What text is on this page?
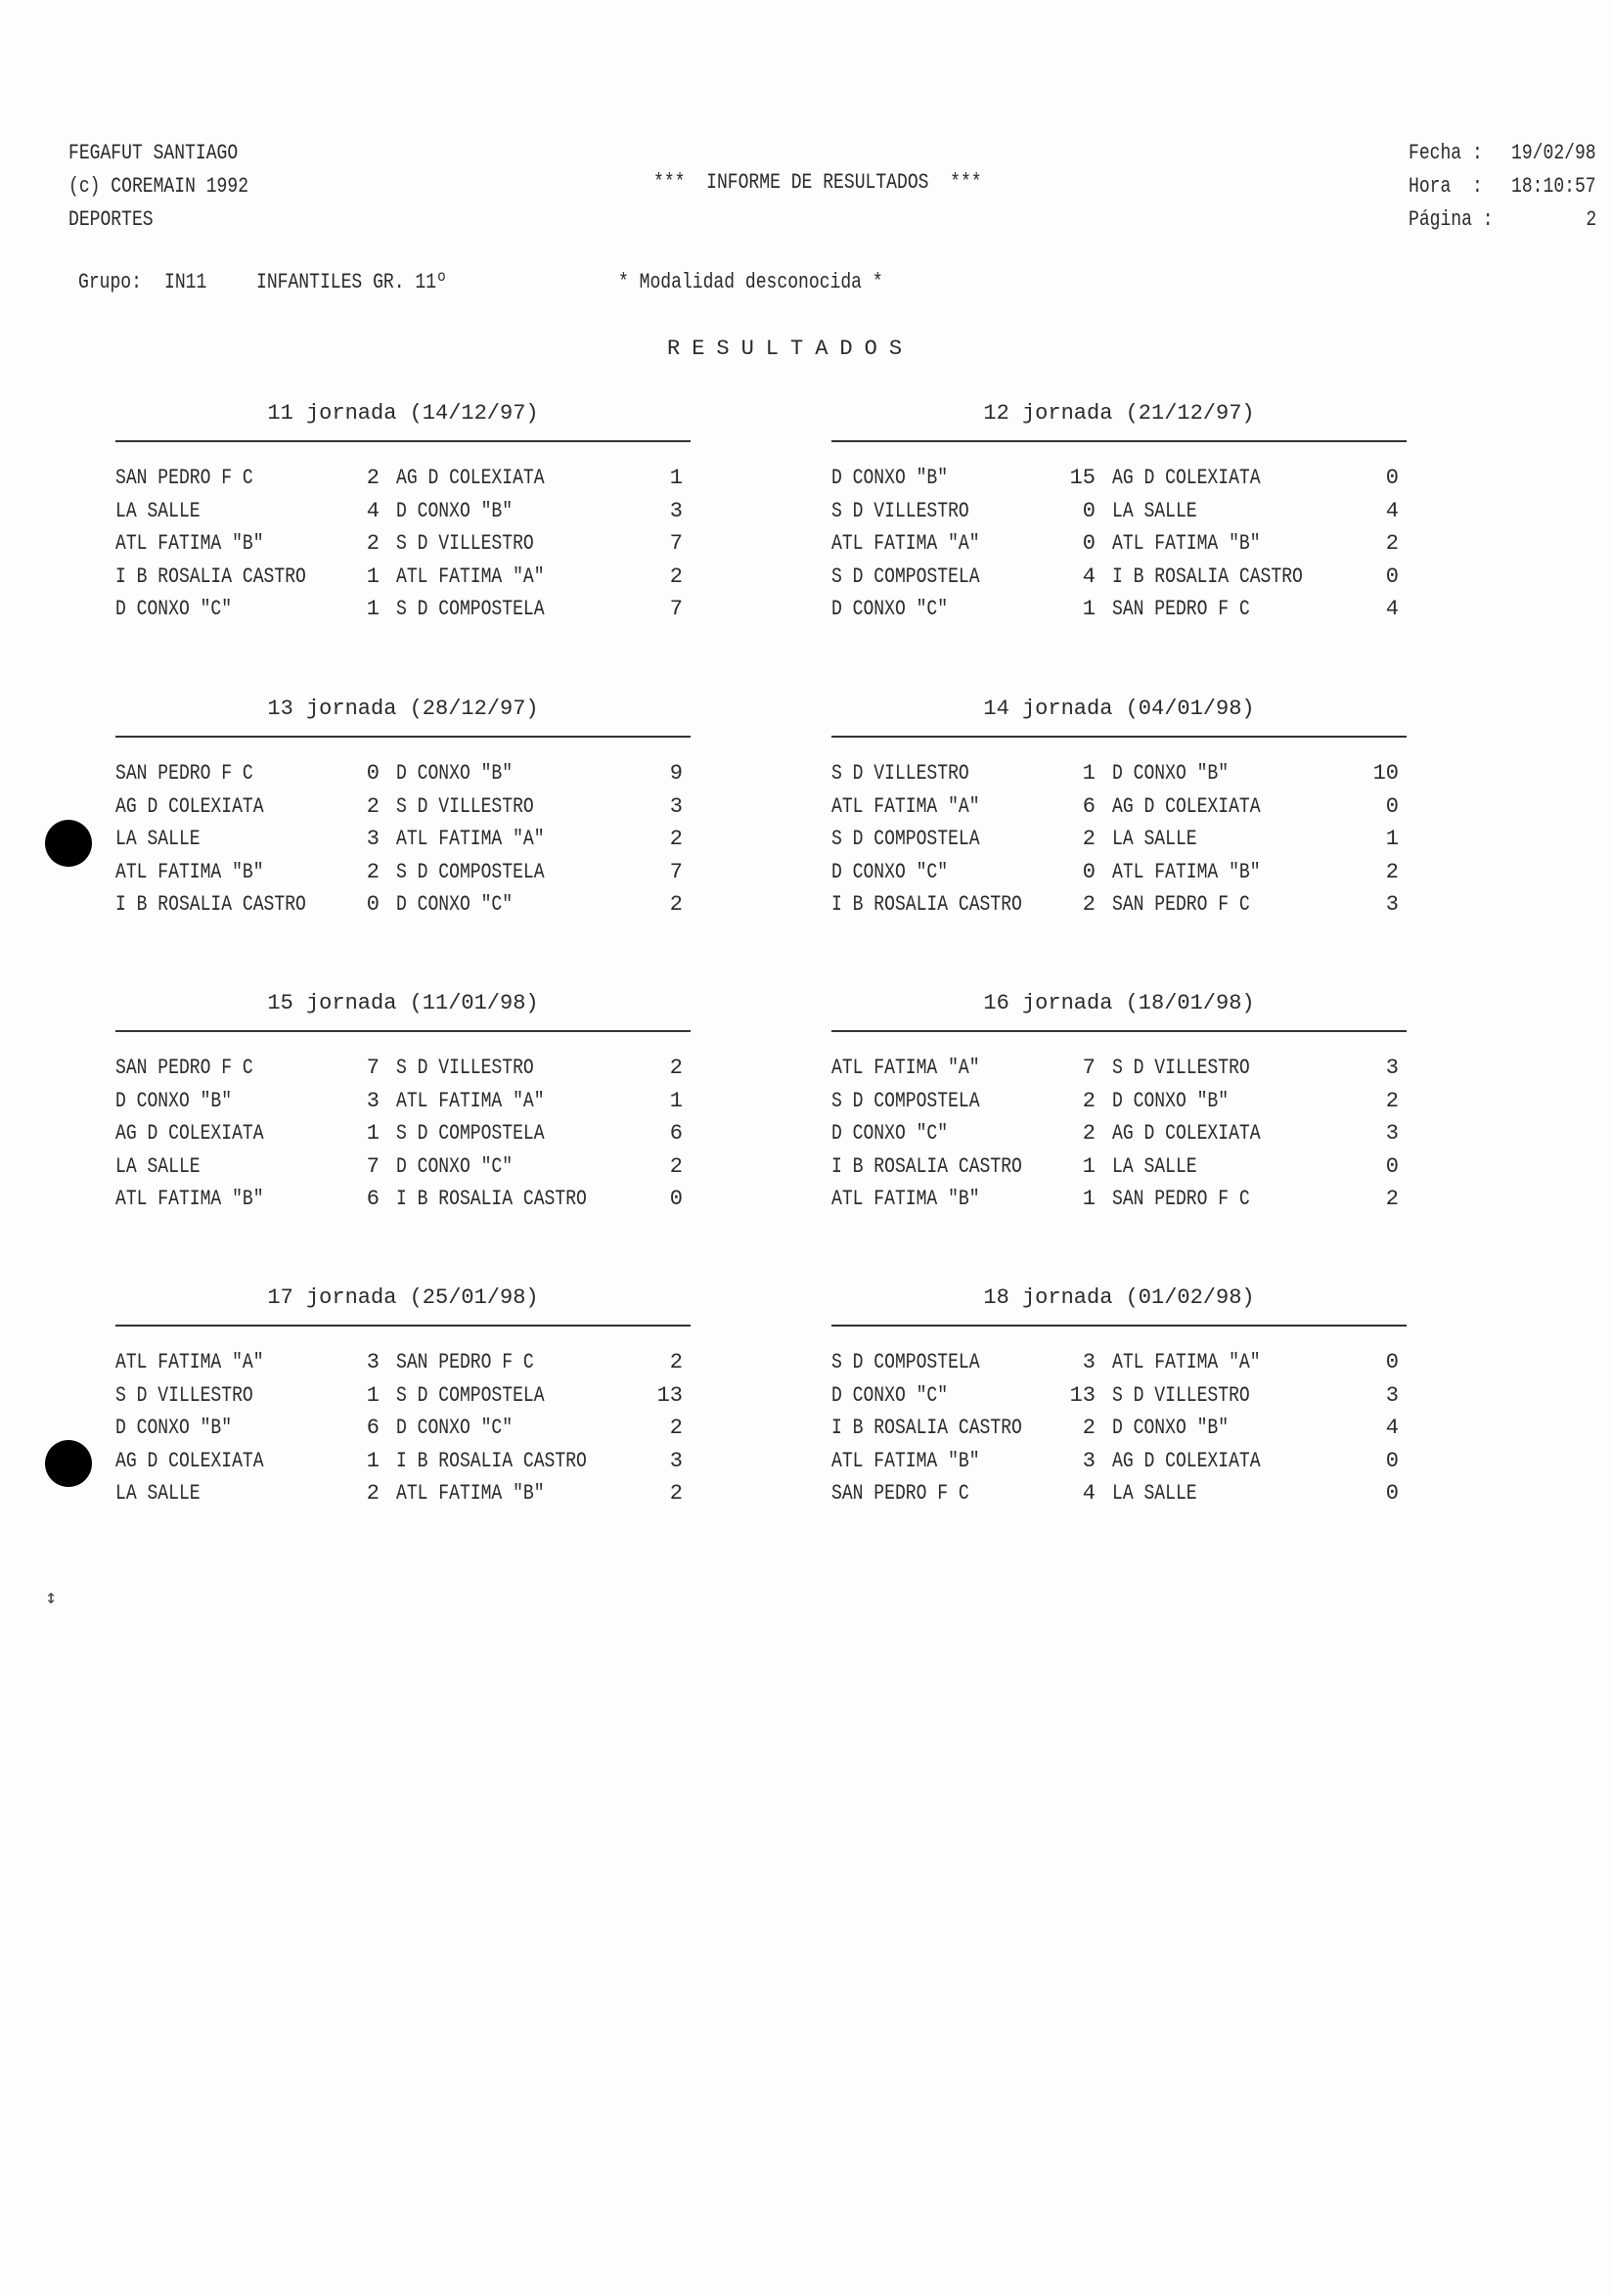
FEGAFUT SANTIAGO
(c) COREMAIN 1992
DEPORTES
***  INFORME DE RESULTADOS  ***
Fecha : 19/02/98
Hora  : 18:10:57
Página :	2
Grupo: IN11 INFANTILES GR. 11º	* Modalidad desconocida *
RESULTADOS
11 jornada (14/12/97)
SAN PEDRO F C	2 AG D COLEXIATA	1
LA SALLE	4 D CONXO "B"	3
ATL FATIMA "B"	2 S D VILLESTRO	7
I B ROSALIA CASTRO	1 ATL FATIMA "A"	2
D CONXO "C"	1 S D COMPOSTELA	7
12 jornada (21/12/97)
D CONXO "B"	15 AG D COLEXIATA	0
S D VILLESTRO	0 LA SALLE	4
ATL FATIMA "A"	0 ATL FATIMA "B"	2
S D COMPOSTELA	4 I B ROSALIA CASTRO	0
D CONXO "C"	1 SAN PEDRO F C	4
13 jornada (28/12/97)
SAN PEDRO F C	0 D CONXO "B"	9
AG D COLEXIATA	2 S D VILLESTRO	3
LA SALLE	3 ATL FATIMA "A"	2
ATL FATIMA "B"	2 S D COMPOSTELA	7
I B ROSALIA CASTRO	0 D CONXO "C"	2
14 jornada (04/01/98)
S D VILLESTRO	1 D CONXO "B"	10
ATL FATIMA "A"	6 AG D COLEXIATA	0
S D COMPOSTELA	2 LA SALLE	1
D CONXO "C"	0 ATL FATIMA "B"	2
I B ROSALIA CASTRO	2 SAN PEDRO F C	3
15 jornada (11/01/98)
SAN PEDRO F C	7 S D VILLESTRO	2
D CONXO "B"	3 ATL FATIMA "A"	1
AG D COLEXIATA	1 S D COMPOSTELA	6
LA SALLE	7 D CONXO "C"	2
ATL FATIMA "B"	6 I B ROSALIA CASTRO	0
16 jornada (18/01/98)
ATL FATIMA "A"	7 S D VILLESTRO	3
S D COMPOSTELA	2 D CONXO "B"	2
D CONXO "C"	2 AG D COLEXIATA	3
I B ROSALIA CASTRO	1 LA SALLE	0
ATL FATIMA "B"	1 SAN PEDRO F C	2
17 jornada (25/01/98)
ATL FATIMA "A"	3 SAN PEDRO F C	2
S D VILLESTRO	1 S D COMPOSTELA	13
D CONXO "B"	6 D CONXO "C"	2
AG D COLEXIATA	1 I B ROSALIA CASTRO	3
LA SALLE	2 ATL FATIMA "B"	2
18 jornada (01/02/98)
S D COMPOSTELA	3 ATL FATIMA "A"	0
D CONXO "C"	13 S D VILLESTRO	3
I B ROSALIA CASTRO	2 D CONXO "B"	4
ATL FATIMA "B"	3 AG D COLEXIATA	0
SAN PEDRO F C	4 LA SALLE	0
↕
